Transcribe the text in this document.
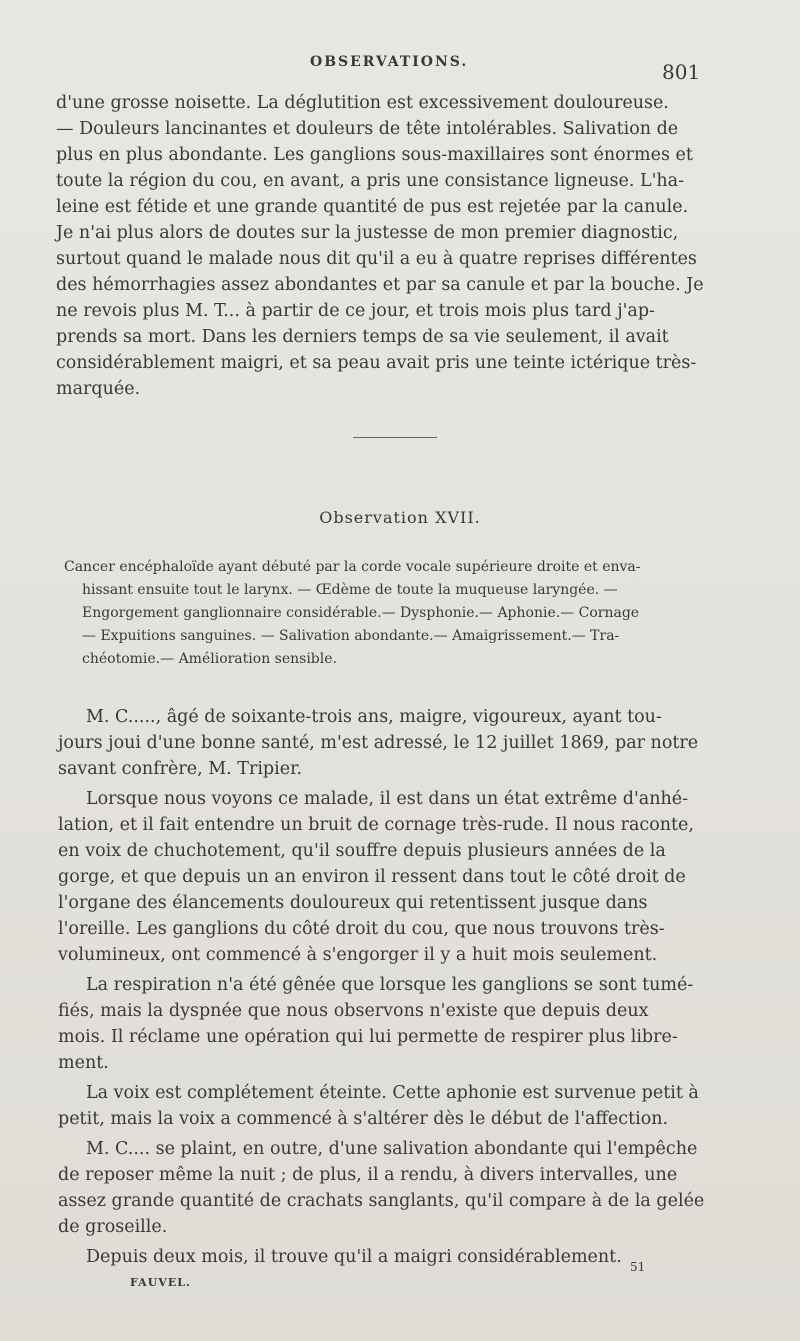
OBSERVATIONS.	801
d'une grosse noisette. La déglutition est excessivement douloureuse.
— Douleurs lancinantes et douleurs de tête intolérables. Salivation de
plus en plus abondante. Les ganglions sous-maxillaires sont énormes et
toute la région du cou, en avant, a pris une consistance ligneuse. L'ha-
leine est fétide et une grande quantité de pus est rejetée par la canule.
Je n'ai plus alors de doutes sur la justesse de mon premier diagnostic,
surtout quand le malade nous dit qu'il a eu à quatre reprises différentes
des hémorrhagies assez abondantes et par sa canule et par la bouche. Je
ne revois plus M. T... à partir de ce jour, et trois mois plus tard j'ap-
prends sa mort. Dans les derniers temps de sa vie seulement, il avait
considérablement maigri, et sa peau avait pris une teinte ictérique très-
marquée.
Observation XVII.
Cancer encéphaloïde ayant débuté par la corde vocale supérieure droite et enva-
hissant ensuite tout le larynx. — Œdème de toute la muqueuse laryngée. —
Engorgement ganglionnaire considérable.— Dysphonie.— Aphonie.— Cornage
— Expuitions sanguines. — Salivation abondante.— Amaigrissement.— Tra-
chéotomie.— Amélioration sensible.
M. C....., âgé de soixante-trois ans, maigre, vigoureux, ayant tou-
jours joui d'une bonne santé, m'est adressé, le 12 juillet 1869, par notre
savant confrère, M. Tripier.
Lorsque nous voyons ce malade, il est dans un état extrême d'anhé-
lation, et il fait entendre un bruit de cornage très-rude. Il nous raconte,
en voix de chuchotement, qu'il souffre depuis plusieurs années de la
gorge, et que depuis un an environ il ressent dans tout le côté droit de
l'organe des élancements douloureux qui retentissent jusque dans
l'oreille. Les ganglions du côté droit du cou, que nous trouvons très-
volumineux, ont commencé à s'engorger il y a huit mois seulement.
La respiration n'a été gênée que lorsque les ganglions se sont tumé-
fiés, mais la dyspnée que nous observons n'existe que depuis deux
mois. Il réclame une opération qui lui permette de respirer plus libre-
ment.
La voix est complétement éteinte. Cette aphonie est survenue petit à
petit, mais la voix a commencé à s'altérer dès le début de l'affection.
M. C.... se plaint, en outre, d'une salivation abondante qui l'empêche
de reposer même la nuit ; de plus, il a rendu, à divers intervalles, une
assez grande quantité de crachats sanglants, qu'il compare à de la gelée
de groseille.
Depuis deux mois, il trouve qu'il a maigri considérablement.
FAUVEL.
51
